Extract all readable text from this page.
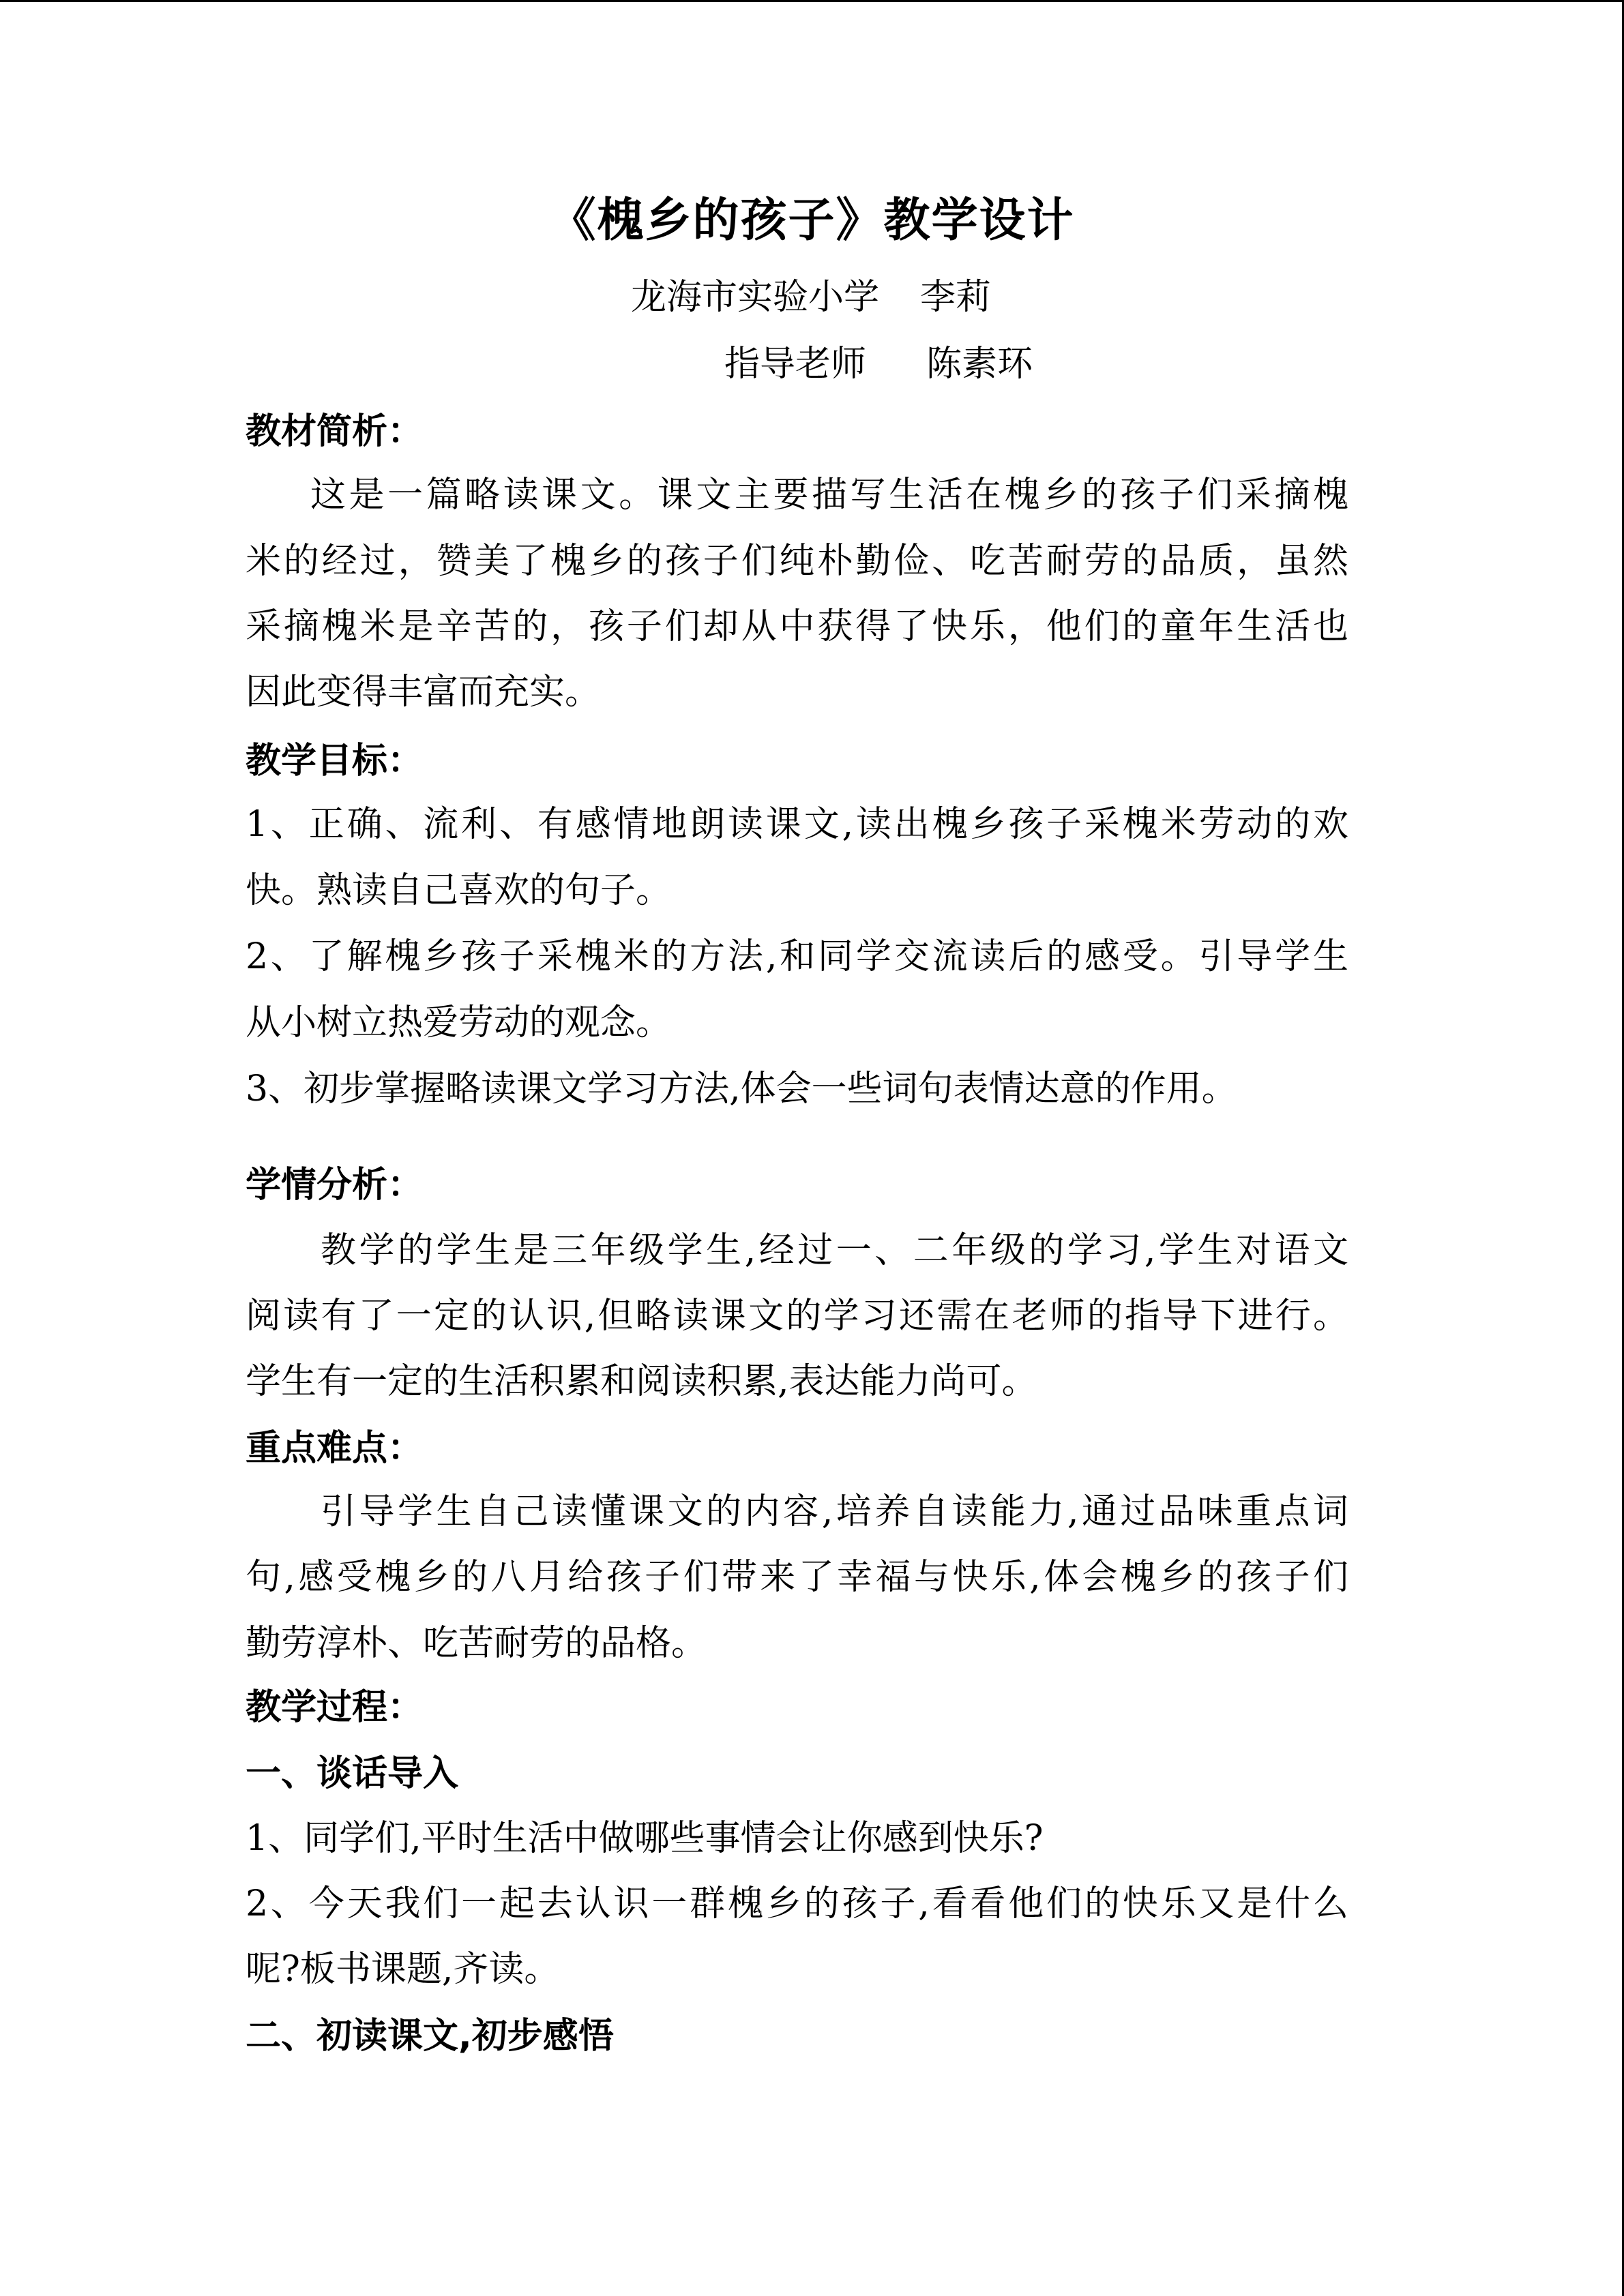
《槐乡的孩子》教学设计
龙海市实验小学 李莉
指导老师 陈素环
教材简析：
这是一篇略读课文。课文主要描写生活在槐乡的孩子们采摘槐
米的经过，赞美了槐乡的孩子们纯朴勤俭、吃苦耐劳的品质，虽然
采摘槐米是辛苦的，孩子们却从中获得了快乐，他们的童年生活也
因此变得丰富而充实。
教学目标：
1、正确、流利、有感情地朗读课文,读出槐乡孩子采槐米劳动的欢
快。熟读自己喜欢的句子。
2、了解槐乡孩子采槐米的方法,和同学交流读后的感受。引导学生
从小树立热爱劳动的观念。
3、初步掌握略读课文学习方法,体会一些词句表情达意的作用。
学情分析：
教学的学生是三年级学生,经过一、二年级的学习,学生对语文
阅读有了一定的认识,但略读课文的学习还需在老师的指导下进行。
学生有一定的生活积累和阅读积累,表达能力尚可。
重点难点：
引导学生自己读懂课文的内容,培养自读能力,通过品味重点词
句,感受槐乡的八月给孩子们带来了幸福与快乐,体会槐乡的孩子们
勤劳淳朴、吃苦耐劳的品格。
教学过程：
一、谈话导入
1、同学们,平时生活中做哪些事情会让你感到快乐?
2、今天我们一起去认识一群槐乡的孩子,看看他们的快乐又是什么
呢?板书课题,齐读。
二、初读课文,初步感悟
